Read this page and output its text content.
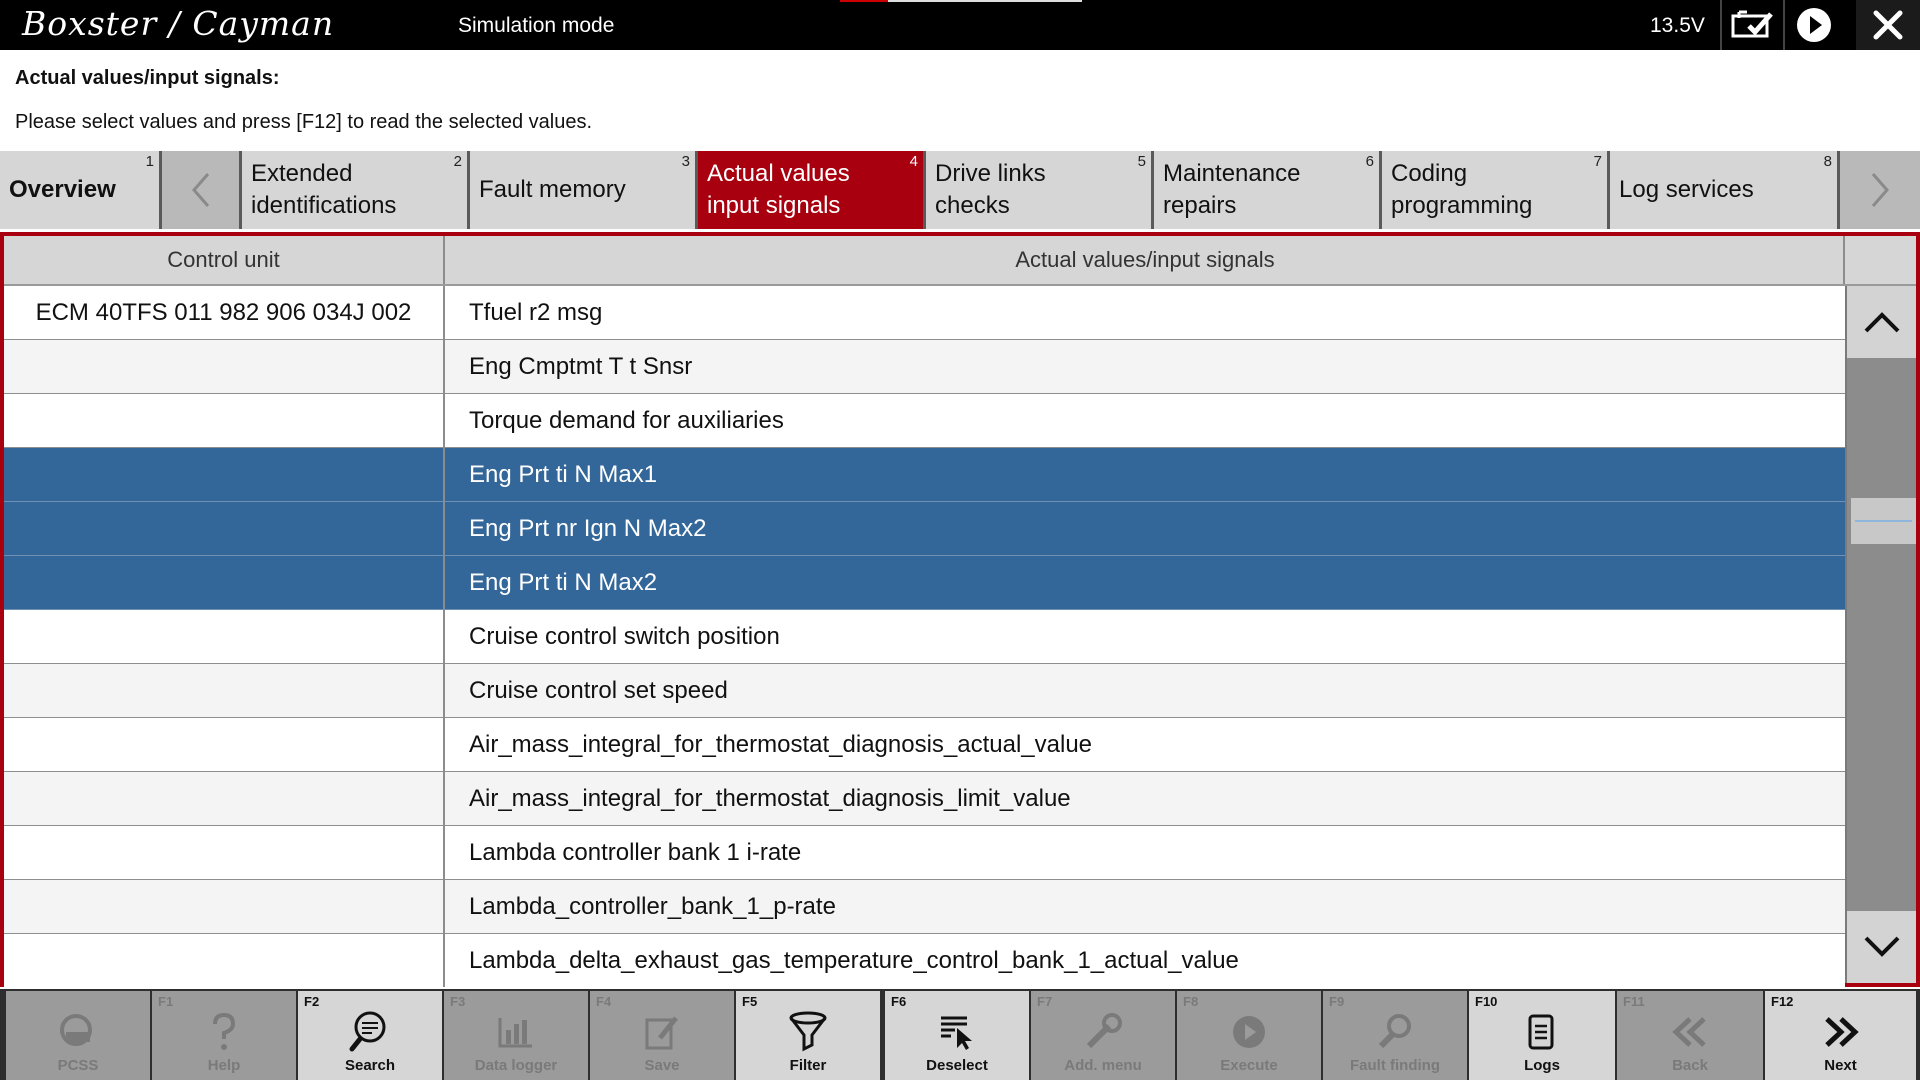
Boxster / Cayman	Simulation mode	13.5V
Actual values/input signals:
Please select values and press [F12] to read the selected values.
1
Overview
2
Extended identifications
3
Fault memory
4
Actual values input signals
5
Drive links checks
6
Maintenance repairs
7
Coding programming
8
Log services
Control unit	Actual values/input signals
ECM 40TFS 011 982 906 034J 002	Tfuel r2 msg
Eng Cmptmt T t Snsr
Torque demand for auxiliaries
Eng Prt ti N Max1
Eng Prt nr Ign N Max2
Eng Prt ti N Max2
Cruise control switch position
Cruise control set speed
Air_mass_integral_for_thermostat_diagnosis_actual_value
Air_mass_integral_for_thermostat_diagnosis_limit_value
Lambda controller bank 1 i-rate
Lambda_controller_bank_1_p-rate
Lambda_delta_exhaust_gas_temperature_control_bank_1_actual_value
PCSS
F1
Help
F2
Search
F3
Data logger
F4
Save
F5
Filter
F6
Deselect
F7
Add. menu
F8
Execute
F9
Fault finding
F10
Logs
F11
Back
F12
Next
